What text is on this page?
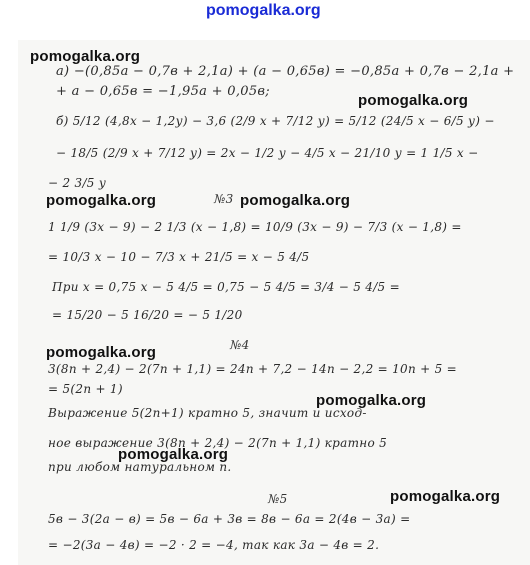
pomogalka.org
а) −(0,85а − 0,7в + 2,1а) + (а − 0,65в) = −0,85а + 0,7в − 2,1а +
+ а − 0,65в = −1,95а + 0,05в;
б) 5/12 (4,8х − 1,2у) − 3,6 (2/9 х + 7/12 у) = 5/12 (24/5 х − 6/5 у) −
− 18/5 (2/9 х + 7/12 у) = 2х − 1/2 у − 4/5 х − 21/10 у = 1 1/5 х −
− 2 3/5 у
№3
1 1/9 (3х − 9) − 2 1/3 (х − 1,8) = 10/9 (3х − 9) − 7/3 (х − 1,8) =
= 10/3 х − 10 − 7/3 х + 21/5 = х − 5 4/5
При х = 0,75 х − 5 4/5 = 0,75 − 5 4/5 = 3/4 − 5 4/5 =
= 15/20 − 5 16/20 = − 5 1/20
№4
3(8n + 2,4) − 2(7n + 1,1) = 24n + 7,2 − 14n − 2,2 = 10n + 5 =
= 5(2n + 1)
Выражение 5(2n+1) кратно 5, значит и исход-
ное выражение 3(8n + 2,4) − 2(7n + 1,1) кратно 5
при любом натуральном n.
№5
5в − 3(2а − в) = 5в − 6а + 3в = 8в − 6а = 2(4в − 3а) =
= −2(3а − 4в) = −2 · 2 = −4, так как 3а − 4в = 2.
pomogalka.org
pomogalka.org
pomogalka.org	pomogalka.org
pomogalka.org
pomogalka.org
pomogalka.org
pomogalka.org
